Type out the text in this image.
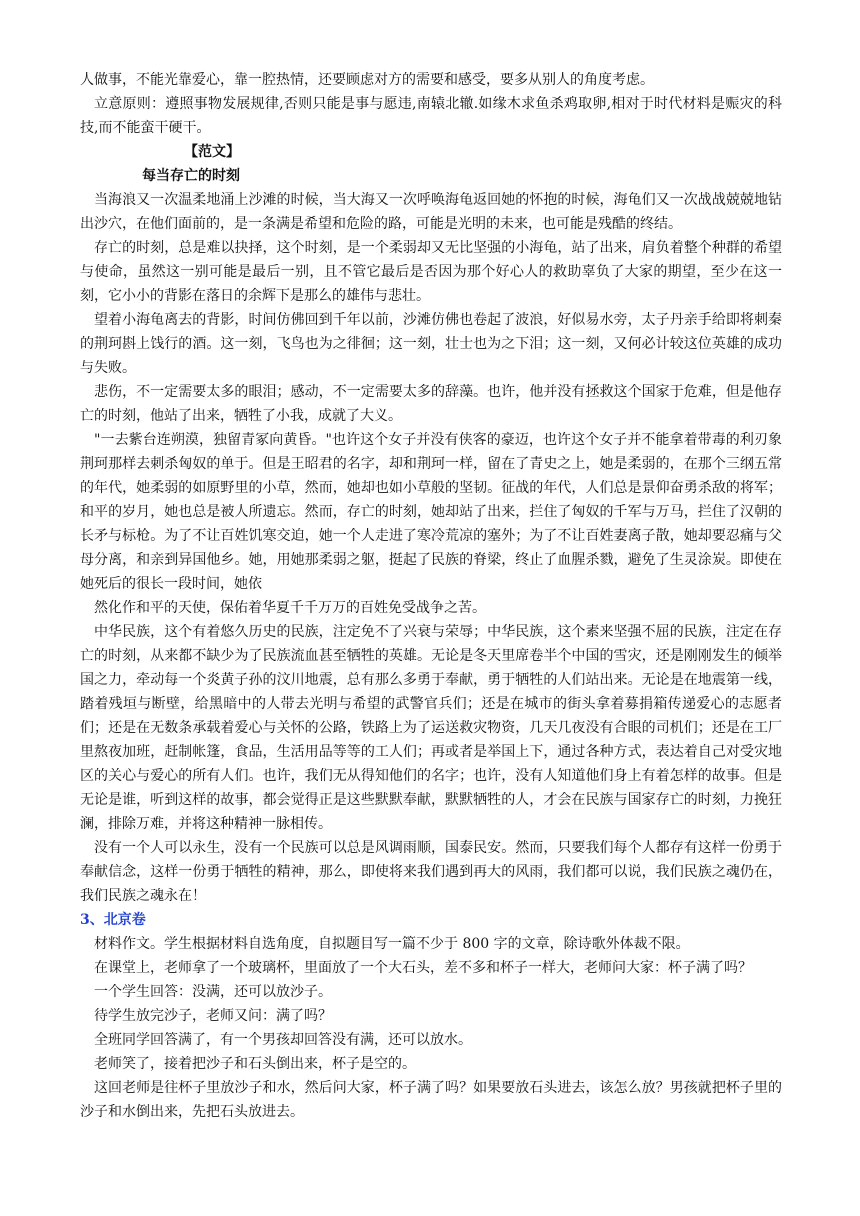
人做事，不能光靠爱心，靠一腔热情，还要顾虑对方的需要和感受，要多从别人的角度考虑。

立意原则：遵照事物发展规律,否则只能是事与愿违,南辕北辙.如缘木求鱼杀鸡取卵,相对于时代材料是赈灾的科技,而不能蛮干硬干。

【范文】

每当存亡的时刻

当海浪又一次温柔地涌上沙滩的时候，当大海又一次呼唤海龟返回她的怀抱的时候，海龟们又一次战战兢兢地钻出沙穴，在他们面前的，是一条满是希望和危险的路，可能是光明的未来，也可能是残酷的终结。

存亡的时刻，总是难以抉择，这个时刻，是一个柔弱却又无比坚强的小海龟，站了出来，肩负着整个种群的希望与使命，虽然这一别可能是最后一别，且不管它最后是否因为那个好心人的救助辜负了大家的期望，至少在这一刻，它小小的背影在落日的余辉下是那么的雄伟与悲壮。

望着小海龟离去的背影，时间仿佛回到千年以前，沙滩仿佛也卷起了波浪，好似易水旁，太子丹亲手给即将刺秦的荆珂斟上饯行的酒。这一刻，飞鸟也为之徘徊；这一刻，壮士也为之下泪；这一刻，又何必计较这位英雄的成功与失败。

悲伤，不一定需要太多的眼泪；感动，不一定需要太多的辞藻。也许，他并没有拯救这个国家于危难，但是他存亡的时刻，他站了出来，牺牲了小我，成就了大义。

"一去紫台连朔漠，独留青冢向黄昏。"也许这个女子并没有侠客的豪迈，也许这个女子并不能拿着带毒的利刃象荆珂那样去刺杀匈奴的单于。但是王昭君的名字，却和荆珂一样，留在了青史之上，她是柔弱的，在那个三纲五常的年代，她柔弱的如原野里的小草，然而，她却也如小草般的坚韧。征战的年代，人们总是景仰奋勇杀敌的将军；和平的岁月，她也总是被人所遗忘。然而，存亡的时刻，她却站了出来，拦住了匈奴的千军与万马，拦住了汉朝的长矛与标枪。为了不让百姓饥寒交迫，她一个人走进了寒冷荒凉的塞外；为了不让百姓妻离子散，她却要忍痛与父母分离，和亲到异国他乡。她，用她那柔弱之躯，挺起了民族的脊梁，终止了血腥杀戮，避免了生灵涂炭。即使在她死后的很长一段时间，她依

然化作和平的天使，保佑着华夏千千万万的百姓免受战争之苦。

中华民族，这个有着悠久历史的民族，注定免不了兴衰与荣辱；中华民族，这个素来坚强不屈的民族，注定在存亡的时刻，从来都不缺少为了民族流血甚至牺牲的英雄。无论是冬天里席卷半个中国的雪灾，还是刚刚发生的倾举国之力，牵动每一个炎黄子孙的汶川地震，总有那么多勇于奉献，勇于牺牲的人们站出来。无论是在地震第一线，踏着残垣与断壁，给黑暗中的人带去光明与希望的武警官兵们；还是在城市的街头拿着募捐箱传递爱心的志愿者们；还是在无数条承载着爱心与关怀的公路，铁路上为了运送救灾物资，几天几夜没有合眼的司机们；还是在工厂里熬夜加班，赶制帐篷，食品，生活用品等等的工人们；再或者是举国上下，通过各种方式，表达着自己对受灾地区的关心与爱心的所有人们。也许，我们无从得知他们的名字；也许，没有人知道他们身上有着怎样的故事。但是无论是谁，听到这样的故事，都会觉得正是这些默默奉献，默默牺牲的人，才会在民族与国家存亡的时刻，力挽狂澜，排除万难，并将这种精神一脉相传。

没有一个人可以永生，没有一个民族可以总是风调雨顺，国泰民安。然而，只要我们每个人都存有这样一份勇于奉献信念，这样一份勇于牺牲的精神，那么，即使将来我们遇到再大的风雨，我们都可以说，我们民族之魂仍在，我们民族之魂永在！

3、北京卷

材料作文。学生根据材料自选角度，自拟题目写一篇不少于 800 字的文章，除诗歌外体裁不限。

在课堂上，老师拿了一个玻璃杯，里面放了一个大石头，差不多和杯子一样大，老师问大家：杯子满了吗？

一个学生回答：没满，还可以放沙子。

待学生放完沙子，老师又问：满了吗？

全班同学回答满了，有一个男孩却回答没有满，还可以放水。

老师笑了，接着把沙子和石头倒出来，杯子是空的。

这回老师是往杯子里放沙子和水，然后问大家，杯子满了吗？如果要放石头进去，该怎么放？男孩就把杯子里的沙子和水倒出来，先把石头放进去。
